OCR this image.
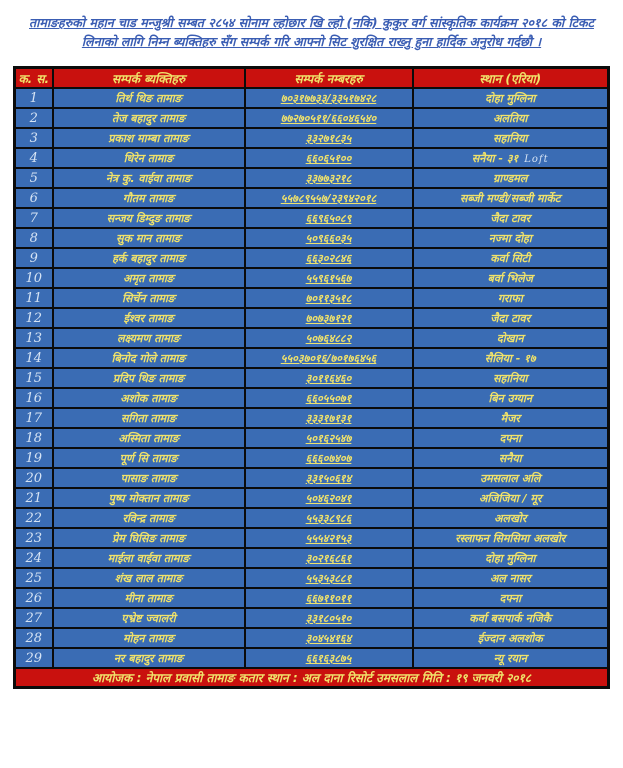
तामाङहरुको महान चाड मन्जुश्री सम्बत २८५४ सोनाम ल्होछार खि ल्हो (नकि) कुकुर वर्ग सांस्कृतिक कार्यक्रम २०१८ को टिकट लिनाको लागि निम्न ब्यक्तिहरु सँग सम्पर्क गरि आफ्नो सिट शुरक्षित राख्नु हुना हार्दिक अनुरोध गर्दछौ ।
क. स.	सम्पर्क ब्यक्तिहरु	सम्पर्क नम्बरहरु	स्थान (एरिया)
1	तिर्थ थिङ तामाङ	७०३१७७३३/३३५१७४२८	दोहा मुग्लिना
2	तेज बहादुर तामाङ	७७२७०५११/६६०४६५४०	अलतिया
3	प्रकाश माम्बा तामाङ	३३२७१८३५	सहानिया
4	धिरेन तामाङ	६६०६५१००	सनैया - ३१ Loft
5	नेत्र कु. वाईवा तामाङ	३३७७३२१८	ग्राण्डमल
6	गौतम तामाङ	५५७८९५५७/२३९४२०१८	सब्जी मण्डी/सब्जी मार्केट
7	सन्जय डिम्दुङ तामाङ	६६९६५०८९	जैदा टावर
8	सुक मान तामाङ	५०९६६०३५	नज्मा दोहा
9	हर्क बहादुर तामाङ	६६३०२८४६	कर्वा सिटी
10	अमृत तामाङ	५५९६१५६७	बर्वा भिलेज
11	सिर्चेन तामाङ	७०११३५१८	गराफा
12	ईश्वर तामाङ	७०७३७१२१	जैदा टावर
13	लक्ष्यमण तामाङ	५०७६४८८२	दोखान
14	बिनोद गोले तामाङ	५५०३७०१६/७०१७६४५६	सैलिया - १७
15	प्रदिप थिङ तामाङ	३०११६४६०	सहानिया
16	अशोक तामाङ	६६०५५०७१	बिन उग्यान
17	सगिता तामाङ	३३३१७१३१	मैजर
18	अस्मिता तामाङ	५०१६२५४७	दफ्ना
19	पूर्ण सि तामाङ	६६६०७४०७	सनैया
20	पासाङ तामाङ	३३१५०६१४	उमसलाल अलि
21	पुष्प मोक्तान तामाङ	५०४६२०४१	अजिजिया / मूर
22	रविन्द्र तामाङ	५५३३८९८६	अलखोर
23	प्रेम घिसिङ तामाङ	५५५४२१५३	रस्लाफन सिमसिमा अलखोर
24	माईला वाईवा तामाङ	३०२१६८६१	दोहा मुग्लिना
25	शंख लाल तामाङ	५५३५३८८१	अल नासर
26	मीना तामाङ	६६७११०११	दफ्ना
27	एभ्रेष्ट ज्वालरी	३३१८०५१०	कर्वा बसपार्क नजिकै
28	मोहन तामाङ	३०४५४१६४	ईज्दान अलशोक
29	नर बहादुर तामाङ	६६१६३८७५	न्यू रयान
आयोजक : नेपाल प्रवासी तामाङ कतार स्थान : अल दाना रिसोर्ट उमसलाल मिति : १९ जनवरी २०१८			
